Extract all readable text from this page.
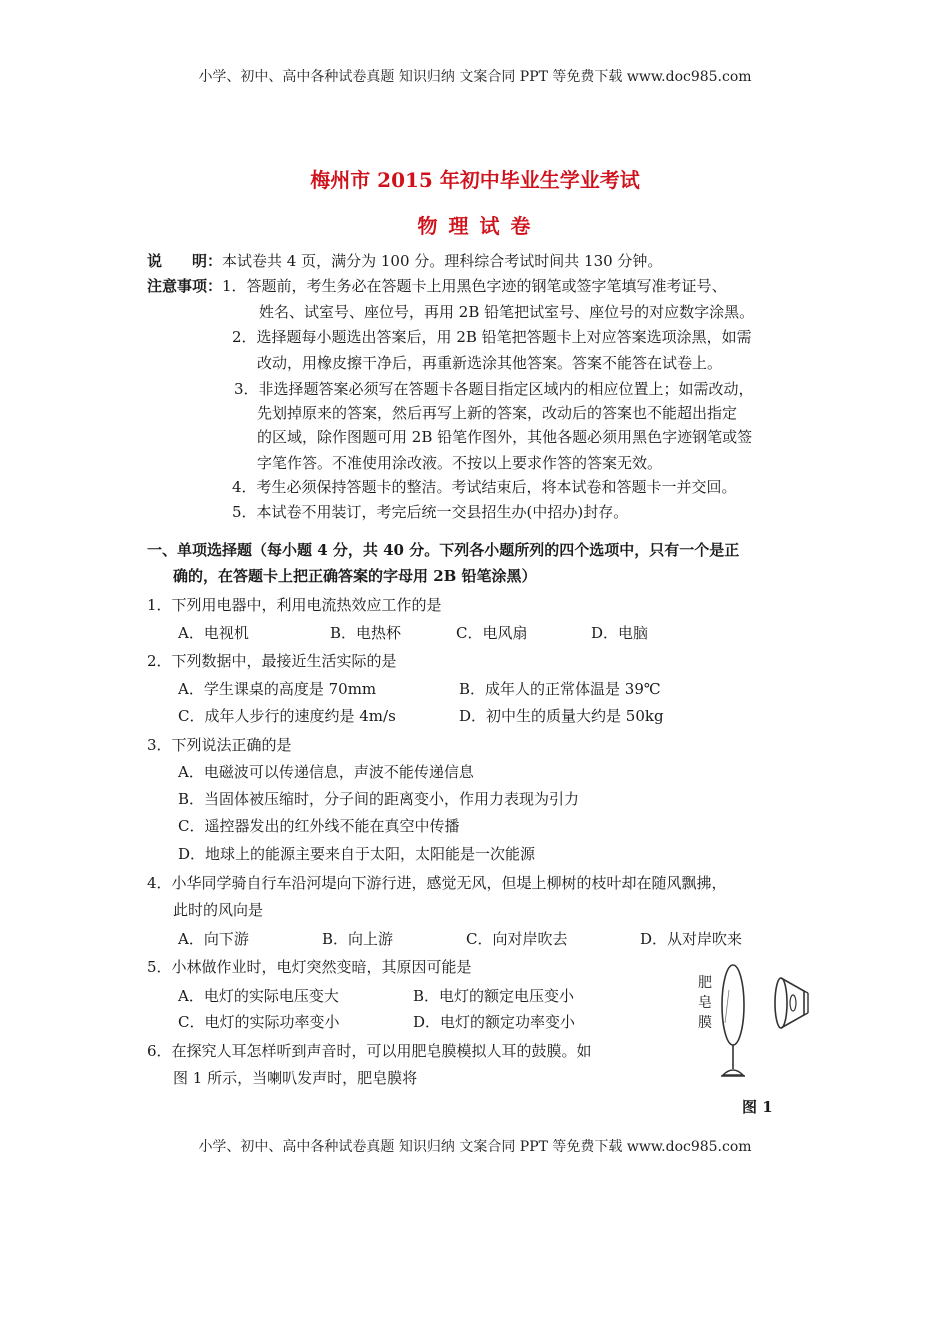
小学、初中、高中各种试卷真题 知识归纳 文案合同 PPT 等免费下载 www.doc985.com
小学、初中、高中各种试卷真题 知识归纳 文案合同 PPT 等免费下载 www.doc985.com
梅州市 2015 年初中毕业生学业考试
物 理 试 卷
说　　明：本试卷共 4 页，满分为 100 分。理科综合考试时间共 130 分钟。
注意事项：1．答题前，考生务必在答题卡上用黑色字迹的钢笔或签字笔填写准考证号、
姓名、试室号、座位号，再用 2B 铅笔把试室号、座位号的对应数字涂黑。
2．选择题每小题选出答案后，用 2B 铅笔把答题卡上对应答案选项涂黑，如需
改动，用橡皮擦干净后，再重新选涂其他答案。答案不能答在试卷上。
3．非选择题答案必须写在答题卡各题目指定区域内的相应位置上；如需改动，
先划掉原来的答案，然后再写上新的答案，改动后的答案也不能超出指定
的区域，除作图题可用 2B 铅笔作图外，其他各题必须用黑色字迹钢笔或签
字笔作答。不准使用涂改液。不按以上要求作答的答案无效。
4．考生必须保持答题卡的整洁。考试结束后，将本试卷和答题卡一并交回。
5．本试卷不用装订，考完后统一交县招生办(中招办)封存。
一、单项选择题（每小题 4 分，共 40 分。下列各小题所列的四个选项中，只有一个是正
确的，在答题卡上把正确答案的字母用 2B 铅笔涂黑）
1．下列用电器中，利用电流热效应工作的是
A．电视机	B．电热杯	C．电风扇	D．电脑
2．下列数据中，最接近生活实际的是
A．学生课桌的高度是 70mm	B．成年人的正常体温是 39℃
C．成年人步行的速度约是 4m/s	D．初中生的质量大约是 50kg
3．下列说法正确的是
A．电磁波可以传递信息，声波不能传递信息
B．当固体被压缩时，分子间的距离变小，作用力表现为引力
C．遥控器发出的红外线不能在真空中传播
D．地球上的能源主要来自于太阳，太阳能是一次能源
4．小华同学骑自行车沿河堤向下游行进，感觉无风，但堤上柳树的枝叶却在随风飘拂，
此时的风向是
A．向下游	B．向上游	C．向对岸吹去	D．从对岸吹来
5．小林做作业时，电灯突然变暗，其原因可能是
A．电灯的实际电压变大	B．电灯的额定电压变小
C．电灯的实际功率变小	D．电灯的额定功率变小
6．在探究人耳怎样听到声音时，可以用肥皂膜模拟人耳的鼓膜。如
图 1 所示，当喇叭发声时，肥皂膜将
肥
皂
膜
图 1
